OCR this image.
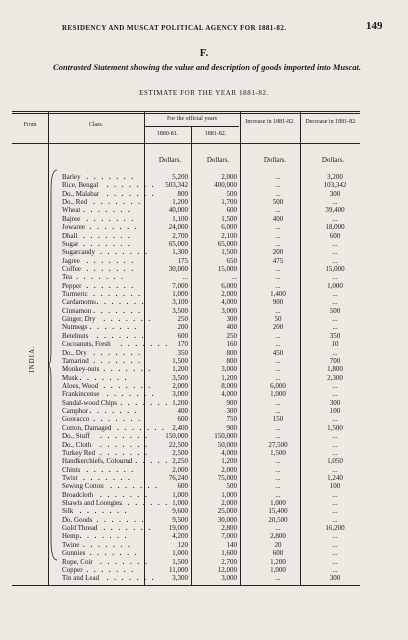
RESIDENCY AND MUSCAT POLITICAL AGENCY FOR 1881-82.	149
F.
Contrasted Statement showing the value and description of goods imported into Muscat.
ESTIMATE FOR THE YEAR 1881-82.
From	Class.
For the official years
1880-81.	1881-82.
Increase in 1881-82.	Decrease in 1881-82.
Dollars.	Dollars.	Dollars.	Dollars.
INDIA.
Barley	5,200	2,000	...	3,200
. . . . . . .
Rice, Bengal	503,342	400,000	...	103,342
. . . . . . .
Do., Malabar	800	500	...	300
. . . . . . .
Do., Red	1,200	1,700	500	...
. . . . . . .
Wheat	40,000	600	...	39,400
. . . . . . .
Bajree	1,100	1,500	400	...
. . . . . . .
Jowaree	24,000	6,000	...	18,000
. . . . . . .
Dhall	2,700	2,100	...	600
. . . . . . .
Sugar	65,000	65,000	...	...
. . . . . . .
Sugarcandy	1,300	1,500	200	...
. . . . . . .
Jagree	175	650	475	...
. . . . . . .
Coffee	30,000	15,000	...	15,000
. . . . . . .
Tea	...	...	...	...
. . . . . . .
Pepper	7,000	6,000	...	1,000
. . . . . . .
Turmeric	1,000	2,000	1,400	...
. . . . . . .
Cardamoms	3,100	4,000	900	...
. . . . . . .
Cinnamon	3,500	3,000	...	500
. . . . . . .
Ginger, Dry	250	300	50	...
. . . . . . .
Nutmegs	200	400	200	...
. . . . . . .
Betelnuts	600	250	...	350
. . . . . . .
Cocoanuts, Fresh	170	160	...	10
. . . . . . .
Do., Dry	350	800	450	...
. . . . . . .
Tamarind	1,500	800	...	700
. . . . . . .
Monkey-nuts	1,200	3,000	...	1,800
. . . . . . .
Musk	3,500	1,200	...	2,300
. . . . . . .
Aloes, Wood	2,000	8,000	6,000	...
. . . . . . .
Frankincense	3,000	4,000	1,000	...
. . . . . . .
Sandal-wood Chips	1,200	900	...	300
. . . . . . .
Camphor	400	300	...	100
. . . . . . .
Gooracco	600	750	150	...
. . . . . . .
Cotton, Damaged	2,400	900	...	1,500
. . . . . . .
Do., Stuff	150,000	150,000	...	...
. . . . . . .
Do., Cloth	22,500	50,000	27,500	...
. . . . . . .
Turkey Red	2,500	4,000	1,500	...
. . . . . . .
Handkerchiefs, Coloured	2,250	1,200	...	1,050
. . . . . . .
Chints	2,000	2,000	...	...
. . . . . . .
Twist	76,240	75,000	...	1,240
. . . . . . .
Sewing Cotton	600	500	...	100
. . . . . . .
Broadcloth	1,000	1,000	...	...
. . . . . . .
Shawls and Loongies	1,000	2,000	1,000	...
. . . . . . .
Silk	9,600	25,000	15,400	...
. . . . . . .
Do. Goods	9,500	30,000	20,500	...
. . . . . . .
Gold Thread	19,000	2,800	...	16,200
. . . . . . .
Hemp	4,200	7,000	2,800	...
. . . . . . .
Twine	120	140	20	...
. . . . . . .
Gunnies	1,000	1,600	600	...
. . . . . . .
Rope, Coir	1,500	2,700	1,200	...
. . . . . . .
Copper	11,000	12,000	1,000	...
. . . . . . .
Tin and Lead	3,300	3,000	...	300
. . . . . . .
